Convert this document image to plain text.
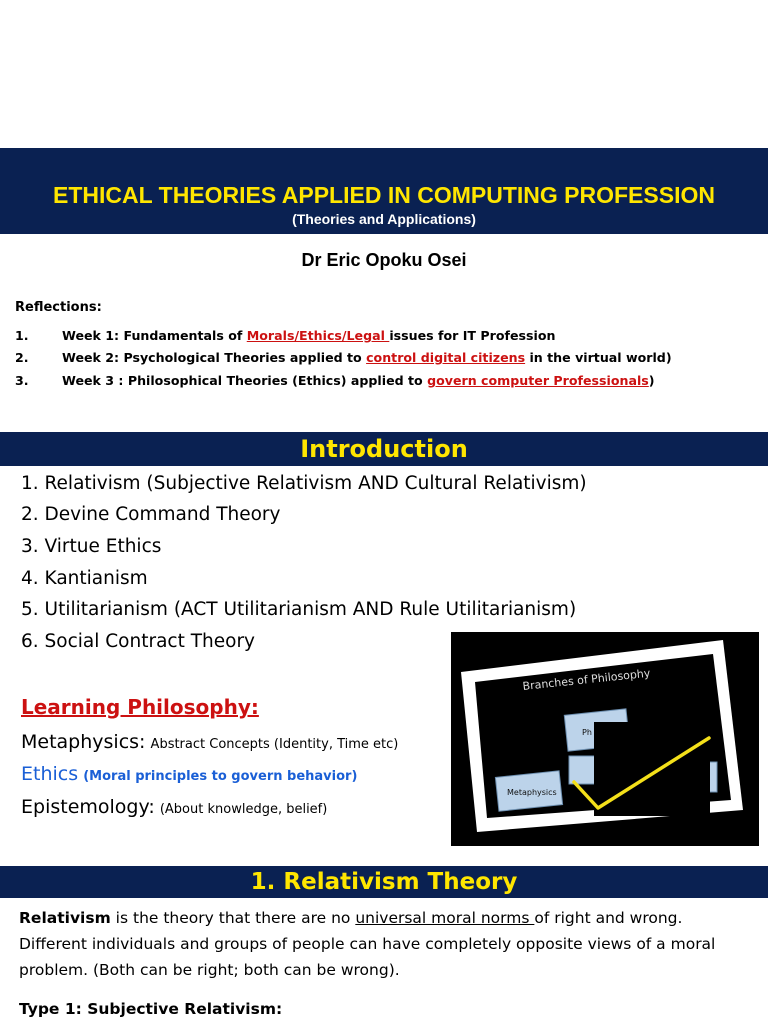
ETHICAL THEORIES APPLIED IN COMPUTING PROFESSION
(Theories and Applications)
Dr Eric Opoku Osei
Reflections:
1.	Week 1: Fundamentals of Morals/Ethics/Legal issues for IT Profession
2.	Week 2: Psychological Theories applied to control digital citizens in the virtual world)
3.	Week 3 : Philosophical Theories (Ethics) applied to govern computer Professionals)
Introduction
1. Relativism (Subjective Relativism AND Cultural Relativism)
2. Devine Command Theory
3. Virtue Ethics
4. Kantianism
5. Utilitarianism (ACT Utilitarianism AND Rule Utilitarianism)
6. Social Contract Theory
Learning Philosophy:
Metaphysics: Abstract Concepts (Identity, Time etc)
Ethics (Moral principles to govern behavior)
Epistemology: (About knowledge, belief)
Branches of Philosophy
Ph
Metaphysics
1. Relativism Theory
Relativism is the theory that there are no universal moral norms of right and wrong. Different individuals and groups of people can have completely opposite views of a moral problem. (Both can be right; both can be wrong).
Type 1: Subjective Relativism:
